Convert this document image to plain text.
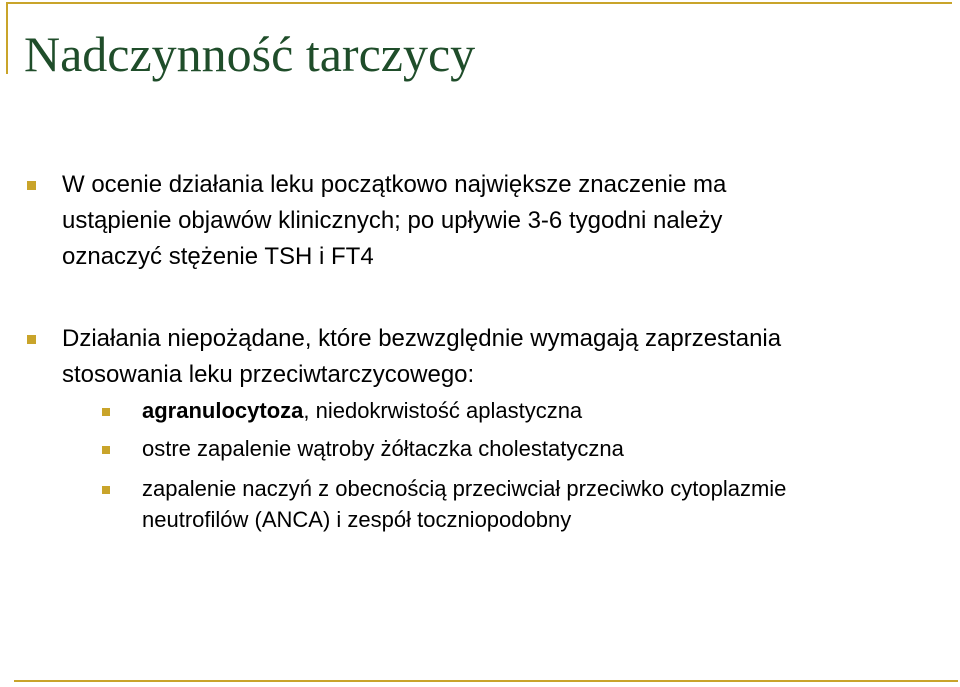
Nadczynność tarczycy
W ocenie działania leku początkowo największe znaczenie ma
ustąpienie objawów klinicznych; po upływie 3-6 tygodni należy
oznaczyć stężenie TSH i FT4
Działania niepożądane, które bezwzględnie wymagają zaprzestania
stosowania leku przeciwtarczycowego:
agranulocytoza, niedokrwistość aplastyczna
ostre zapalenie wątroby żółtaczka cholestatyczna
zapalenie naczyń z obecnością przeciwciał przeciwko cytoplazmie
neutrofilów (ANCA) i zespół toczniopodobny
